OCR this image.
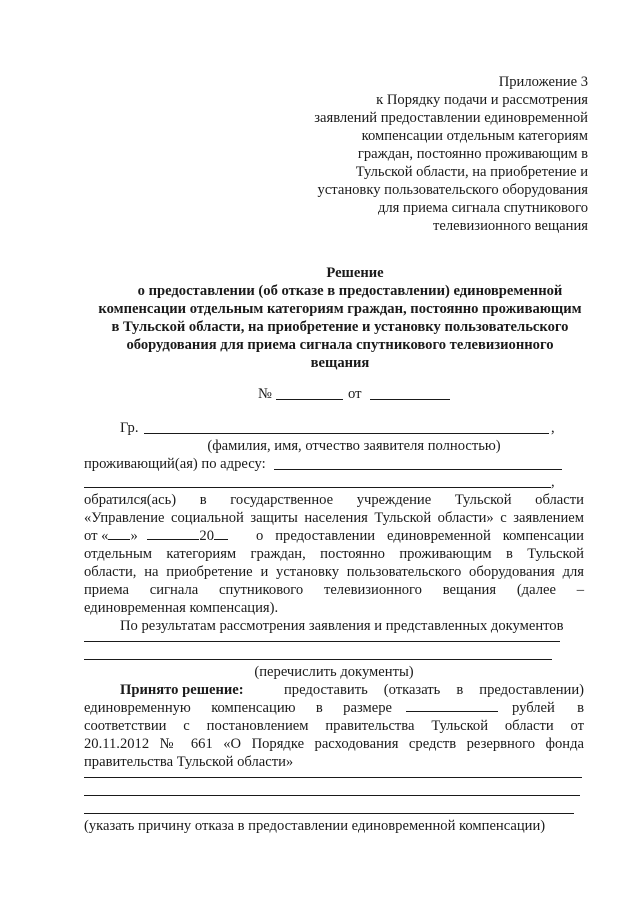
Приложение 3
к Порядку подачи и рассмотрения
заявлений предоставлении единовременной
компенсации отдельным категориям
граждан, постоянно проживающим в
Тульской области, на приобретение и
установку пользовательского оборудования
для приема сигнала спутникового
телевизионного вещания
Решение
о предоставлении (об отказе в предоставлении) единовременной
компенсации отдельным категориям граждан, постоянно проживающим
в Тульской области, на приобретение и установку пользовательского
оборудования для приема сигнала спутникового телевизионного
вещания
№	от
Гр.	,
(фамилия, имя, отчество заявителя полностью)
проживающий(ая) по адресу:
,
обратился(ась) в государственное учреждение Тульской области
«Управление социальной защиты населения Тульской области» с заявлением
от « »	20	о предоставлении единовременной компенсации
отдельным категориям граждан, постоянно проживающим в Тульской
области, на приобретение и установку пользовательского оборудования для
приема сигнала спутникового телевизионного вещания (далее –
единовременная компенсация).
По результатам рассмотрения заявления и представленных документов
(перечислить документы)
Принято решение:	предоставить (отказать в предоставлении)
единовременную компенсацию в размере	рублей в
соответствии с постановлением правительства Тульской области от
20.11.2012 № 661 «О Порядке расходования средств резервного фонда
правительства Тульской области»
(указать причину отказа в предоставлении единовременной компенсации)
